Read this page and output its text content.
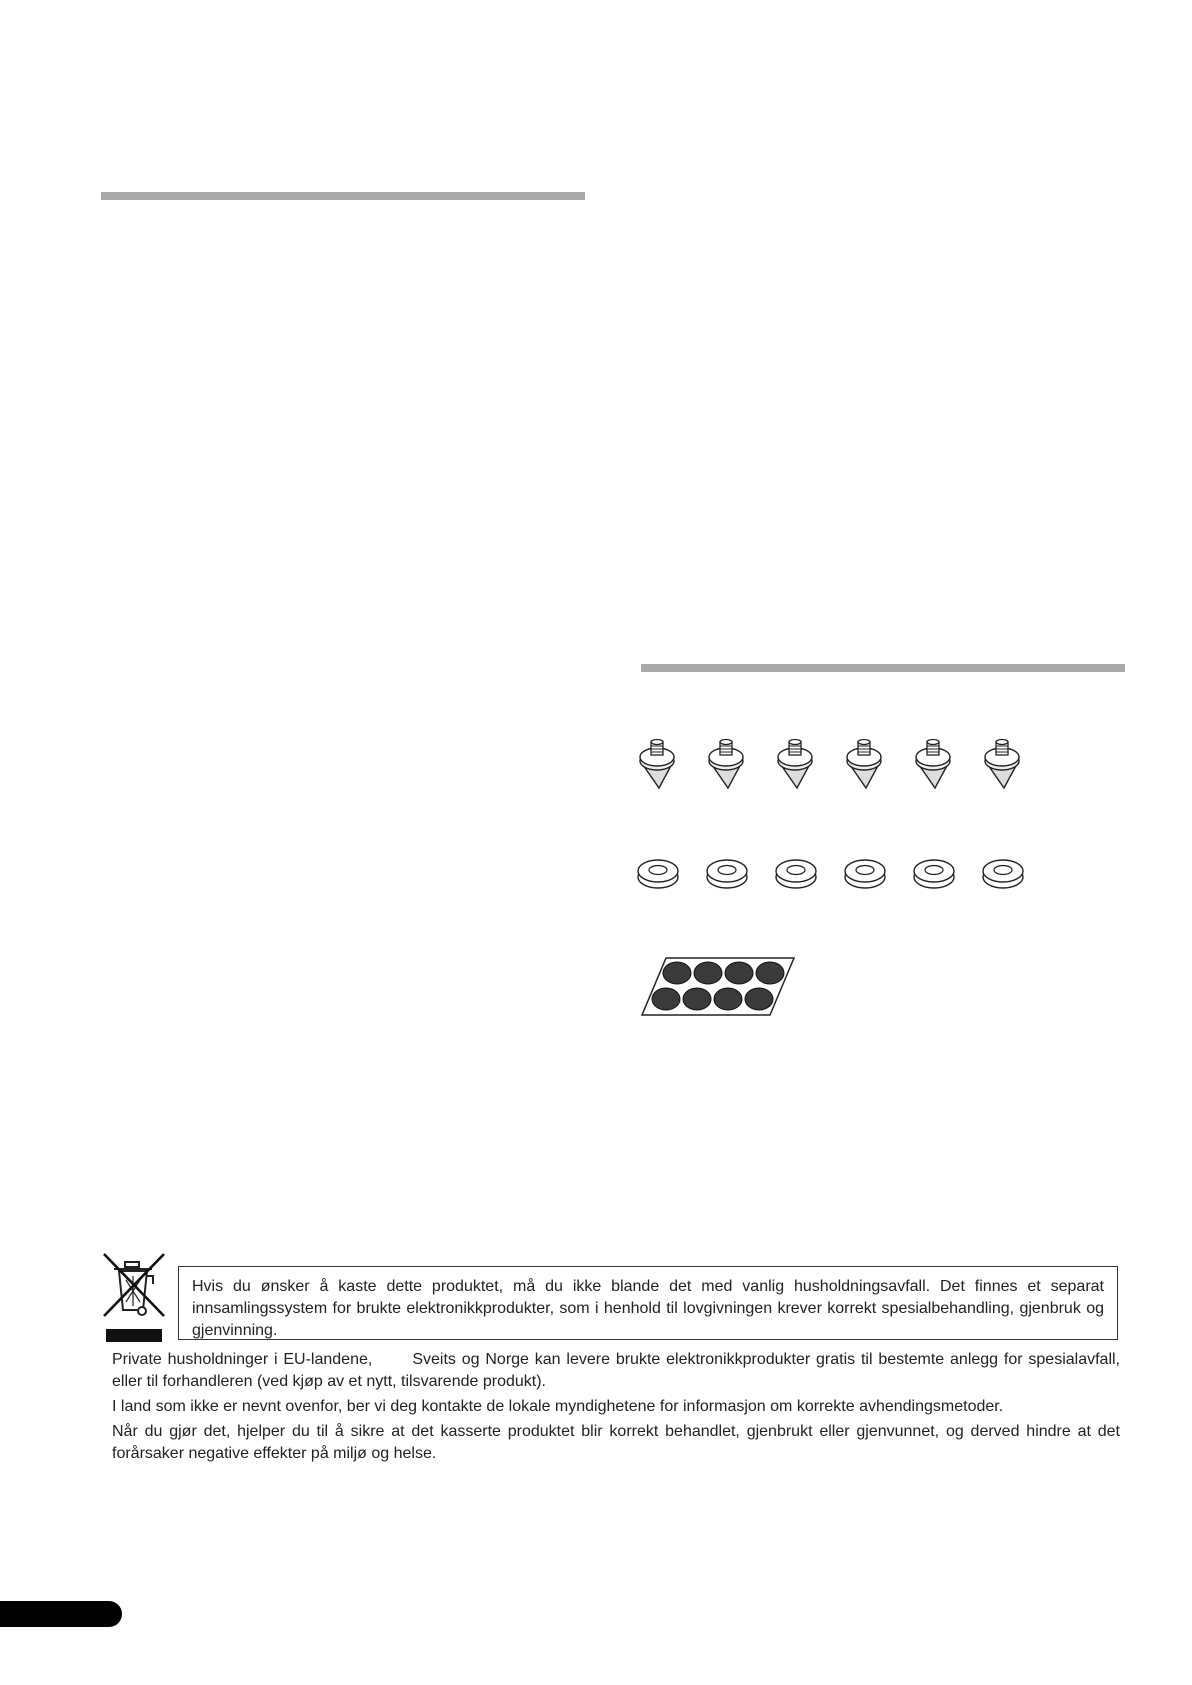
Hvis du ønsker å kaste dette produktet, må du ikke blande det med vanlig husholdningsavfall. Det finnes et separat innsamlingssystem for brukte elektronikkprodukter, som i henhold til lovgivningen krever korrekt spesialbehandling, gjenbruk og gjenvinning.

Private husholdninger i EU-landene,	Sveits og Norge kan levere brukte elektronikkprodukter gratis til bestemte anlegg for spesialavfall, eller til forhandleren (ved kjøp av et nytt, tilsvarende produkt).

I land som ikke er nevnt ovenfor, ber vi deg kontakte de lokale myndighetene for informasjon om korrekte avhendingsmetoder.

Når du gjør det, hjelper du til å sikre at det kasserte produktet blir korrekt behandlet, gjenbrukt eller gjenvunnet, og derved hindre at det forårsaker negative effekter på miljø og helse.
